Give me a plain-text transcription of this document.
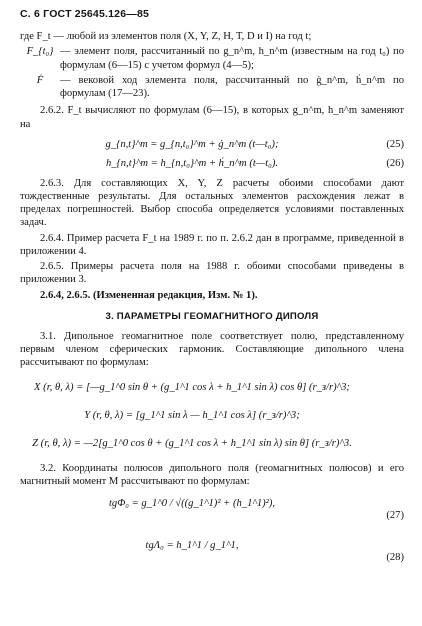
С. 6 ГОСТ 25645.126—85

где F_t — любой из элементов поля (X, Y, Z, H, T, D и I) на год t;

F_{t₀} — элемент поля, рассчитанный по g_n^m, h_n^m (известным на год t₀) по формулам (6—15) с учетом формул (4—5);
Ḟ	— вековой ход элемента поля, рассчитанный по ġ_n^m, ḣ_n^m по формулам (17—23).

2.6.2. F_t вычисляют по формулам (6—15), в которых g_n^m, h_n^m заменяют на

g_{n,t}^m = g_{n,t₀}^m + ġ_n^m (t—t₀);	(25)
h_{n,t}^m = h_{n,t₀}^m + ḣ_n^m (t—t₀).	(26)

2.6.3. Для составляющих X, Y, Z расчеты обоими способами дают тождественные результаты. Для остальных элементов расхождения лежат в пределах погрешностей. Выбор способа определяется условиями поставленных задач.

2.6.4. Пример расчета F_t на 1989 г. по п. 2.6.2 дан в программе, приведенной в приложении 4.

2.6.5. Примеры расчета поля на 1988 г. обоими способами приведены в приложении 3.

2.6.4, 2.6.5. (Измененная редакция, Изм. № 1).

3. ПАРАМЕТРЫ ГЕОМАГНИТНОГО ДИПОЛЯ

3.1. Дипольное геомагнитное поле соответствует полю, представленному первым членом сферических гармоник. Составляющие дипольного члена рассчитывают по формулам:

X (r, θ, λ) = [—g_1^0 sin θ + (g_1^1 cos λ + h_1^1 sin λ) cos θ] (r_з/r)^3;
Y (r, θ, λ) = [g_1^1 sin λ — h_1^1 cos λ] (r_з/r)^3;
Z (r, θ, λ) = —2[g_1^0 cos θ + (g_1^1 cos λ + h_1^1 sin λ) sin θ] (r_з/r)^3.

3.2. Координаты полюсов дипольного поля (геомагнитных полюсов) и его магнитный момент M рассчитывают по формулам:

tgΦ₀ = g_1^0 / √((g_1^1)² + (h_1^1)²),
(27)
tgΛ₀ = h_1^1 / g_1^1,
(28)
